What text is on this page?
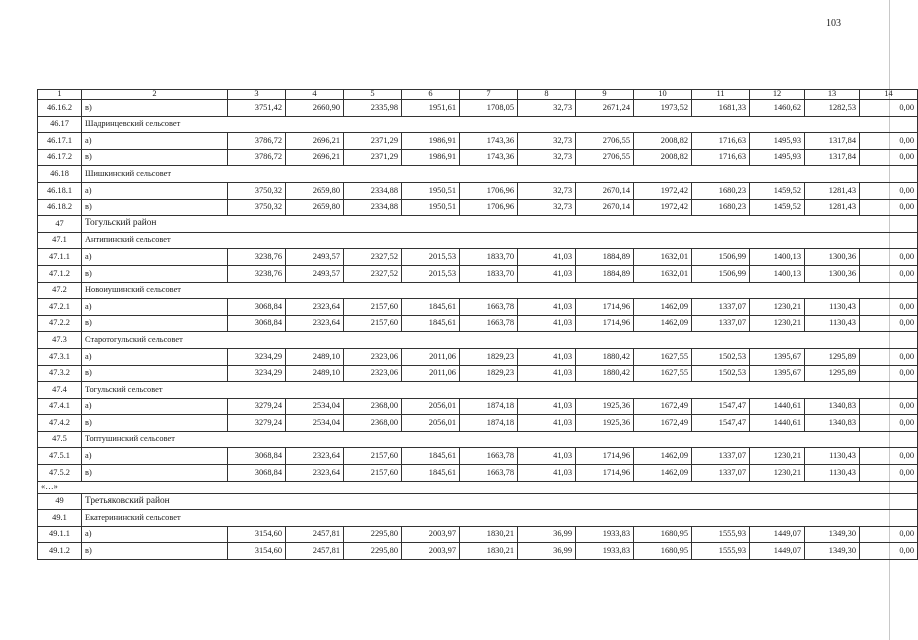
103
1	2	3	4	5	6	7	8	9	10	11	12	13	14
46.16.2	в)	3751,42	2660,90	2335,98	1951,61	1708,05	32,73	2671,24	1973,52	1681,33	1460,62	1282,53	0,00
46.17	Шадринцевский сельсовет												
46.17.1	а)	3786,72	2696,21	2371,29	1986,91	1743,36	32,73	2706,55	2008,82	1716,63	1495,93	1317,84	0,00
46.17.2	в)	3786,72	2696,21	2371,29	1986,91	1743,36	32,73	2706,55	2008,82	1716,63	1495,93	1317,84	0,00
46.18	Шишкинский сельсовет												
46.18.1	а)	3750,32	2659,80	2334,88	1950,51	1706,96	32,73	2670,14	1972,42	1680,23	1459,52	1281,43	0,00
46.18.2	в)	3750,32	2659,80	2334,88	1950,51	1706,96	32,73	2670,14	1972,42	1680,23	1459,52	1281,43	0,00
47	Тогульский район												
47.1	Антипинский сельсовет												
47.1.1	а)	3238,76	2493,57	2327,52	2015,53	1833,70	41,03	1884,89	1632,01	1506,99	1400,13	1300,36	0,00
47.1.2	в)	3238,76	2493,57	2327,52	2015,53	1833,70	41,03	1884,89	1632,01	1506,99	1400,13	1300,36	0,00
47.2	Новоиушинский сельсовет												
47.2.1	а)	3068,84	2323,64	2157,60	1845,61	1663,78	41,03	1714,96	1462,09	1337,07	1230,21	1130,43	0,00
47.2.2	в)	3068,84	2323,64	2157,60	1845,61	1663,78	41,03	1714,96	1462,09	1337,07	1230,21	1130,43	0,00
47.3	Старотогульский сельсовет												
47.3.1	а)	3234,29	2489,10	2323,06	2011,06	1829,23	41,03	1880,42	1627,55	1502,53	1395,67	1295,89	0,00
47.3.2	в)	3234,29	2489,10	2323,06	2011,06	1829,23	41,03	1880,42	1627,55	1502,53	1395,67	1295,89	0,00
47.4	Тогульский сельсовет												
47.4.1	а)	3279,24	2534,04	2368,00	2056,01	1874,18	41,03	1925,36	1672,49	1547,47	1440,61	1340,83	0,00
47.4.2	в)	3279,24	2534,04	2368,00	2056,01	1874,18	41,03	1925,36	1672,49	1547,47	1440,61	1340,83	0,00
47.5	Топтушинский сельсовет												
47.5.1	а)	3068,84	2323,64	2157,60	1845,61	1663,78	41,03	1714,96	1462,09	1337,07	1230,21	1130,43	0,00
47.5.2	в)	3068,84	2323,64	2157,60	1845,61	1663,78	41,03	1714,96	1462,09	1337,07	1230,21	1130,43	0,00
«…»													
49	Третьяковский район												
49.1	Екатерининский сельсовет												
49.1.1	а)	3154,60	2457,81	2295,80	2003,97	1830,21	36,99	1933,83	1680,95	1555,93	1449,07	1349,30	0,00
49.1.2	в)	3154,60	2457,81	2295,80	2003,97	1830,21	36,99	1933,83	1680,95	1555,93	1449,07	1349,30	0,00
